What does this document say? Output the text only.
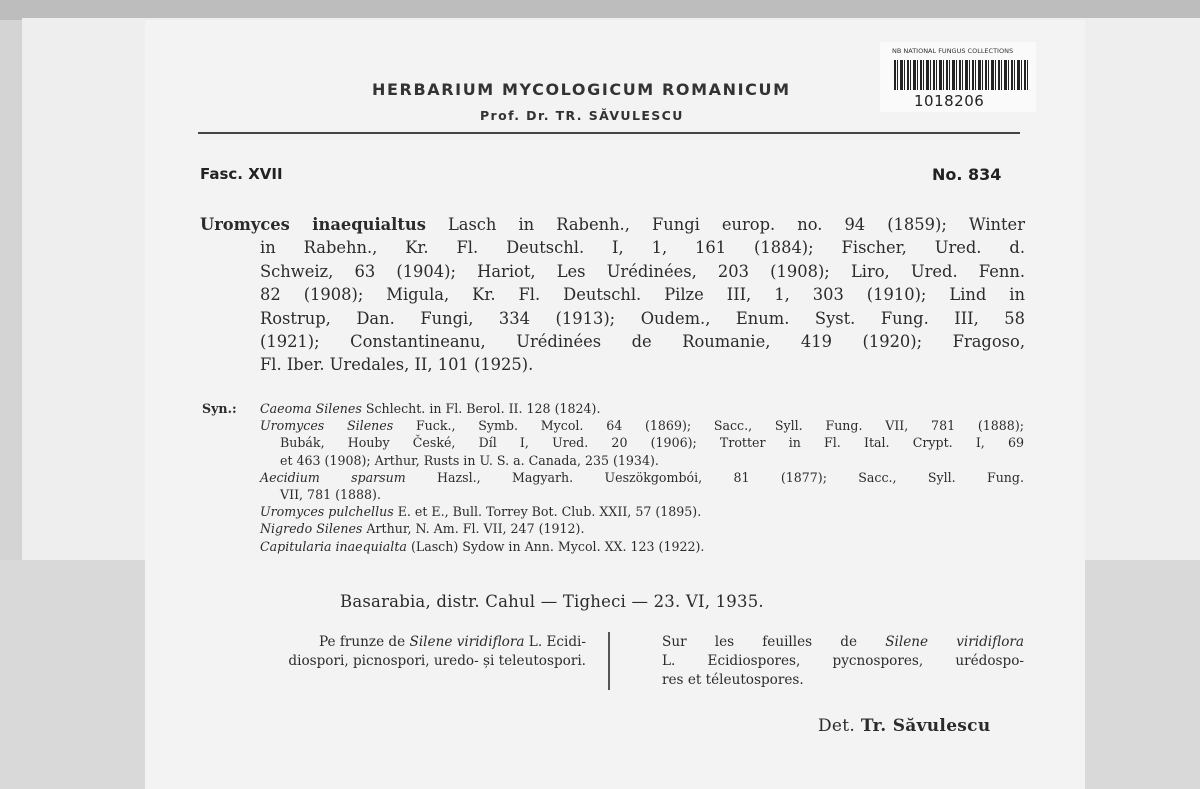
HERBARIUM MYCOLOGICUM ROMANICUM
Prof. Dr. TR. SĂVULESCU
NB NATIONAL FUNGUS COLLECTIONS
1018206
Fasc. XVII	No. 834
Uromyces inaequialtus Lasch in Rabenh., Fungi europ. no. 94 (1859); Winter
in Rabehn., Kr. Fl. Deutschl. I, 1, 161 (1884); Fischer, Ured. d.
Schweiz, 63 (1904); Hariot, Les Urédinées, 203 (1908); Liro, Ured. Fenn.
82 (1908); Migula, Kr. Fl. Deutschl. Pilze III, 1, 303 (1910); Lind in
Rostrup, Dan. Fungi, 334 (1913); Oudem., Enum. Syst. Fung. III, 58
(1921); Constantineanu, Urédinées de Roumanie, 419 (1920); Fragoso,
Fl. Iber. Uredales, II, 101 (1925).
Syn.: Caeoma Silenes Schlecht. in Fl. Berol. II. 128 (1824).
Uromyces Silenes Fuck., Symb. Mycol. 64 (1869); Sacc., Syll. Fung. VII, 781 (1888);
Bubák, Houby České, Díl I, Ured. 20 (1906); Trotter in Fl. Ital. Crypt. I, 69
et 463 (1908); Arthur, Rusts in U. S. a. Canada, 235 (1934).
Aecidium sparsum Hazsl., Magyarh. Ueszökgombói, 81 (1877); Sacc., Syll. Fung.
VII, 781 (1888).
Uromyces pulchellus E. et E., Bull. Torrey Bot. Club. XXII, 57 (1895).
Nigredo Silenes Arthur, N. Am. Fl. VII, 247 (1912).
Capitularia inaequialta (Lasch) Sydow in Ann. Mycol. XX. 123 (1922).
Basarabia, distr. Cahul — Tigheci — 23. VI, 1935.
Pe frunze de Silene viridiflora L. Ecidi-
diospori, picnospori, uredo- și teleutospori.
Sur les feuilles de Silene viridiflora
L. Ecidiospores, pycnospores, urédospo-
res et téleutospores.
Det. Tr. Săvulescu
